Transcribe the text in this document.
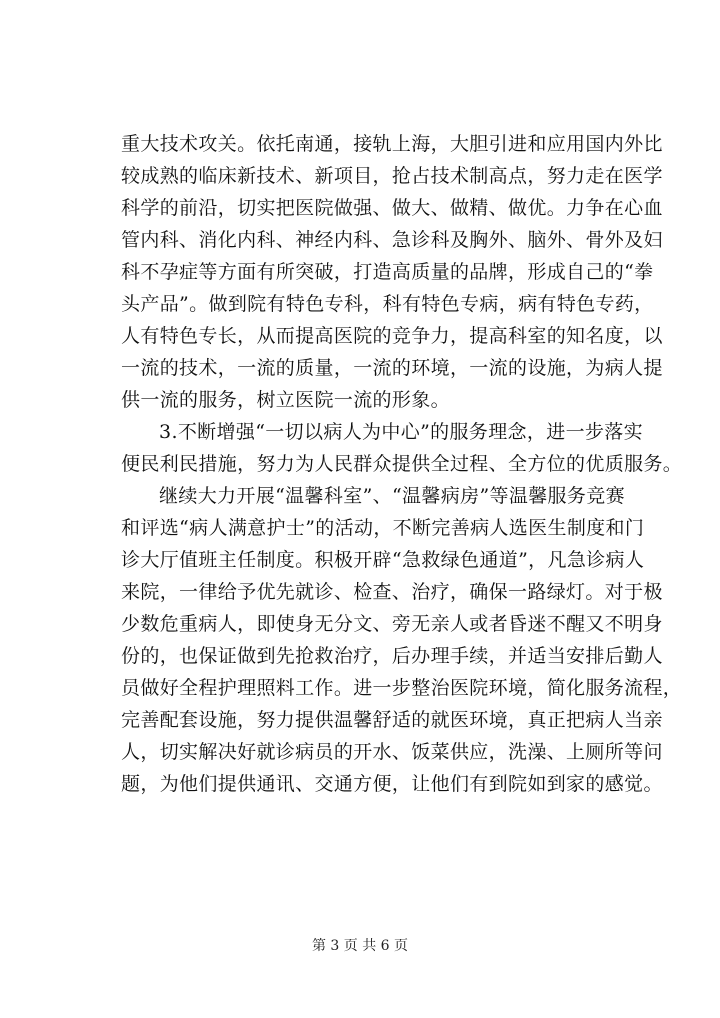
重大技术攻关。依托南通，接轨上海，大胆引进和应用国内外比
较成熟的临床新技术、新项目，抢占技术制高点，努力走在医学
科学的前沿，切实把医院做强、做大、做精、做优。力争在心血
管内科、消化内科、神经内科、急诊科及胸外、脑外、骨外及妇
科不孕症等方面有所突破，打造高质量的品牌，形成自己的“拳
头产品”。做到院有特色专科，科有特色专病，病有特色专药，
人有特色专长，从而提高医院的竞争力，提高科室的知名度，以
一流的技术，一流的质量，一流的环境，一流的设施，为病人提
供一流的服务，树立医院一流的形象。

3.不断增强“一切以病人为中心”的服务理念，进一步落实
便民利民措施，努力为人民群众提供全过程、全方位的优质服务。

继续大力开展“温馨科室”、“温馨病房”等温馨服务竞赛
和评选“病人满意护士”的活动，不断完善病人选医生制度和门
诊大厅值班主任制度。积极开辟“急救绿色通道”，凡急诊病人
来院，一律给予优先就诊、检查、治疗，确保一路绿灯。对于极
少数危重病人，即使身无分文、旁无亲人或者昏迷不醒又不明身
份的，也保证做到先抢救治疗，后办理手续，并适当安排后勤人
员做好全程护理照料工作。进一步整治医院环境，简化服务流程，
完善配套设施，努力提供温馨舒适的就医环境，真正把病人当亲
人，切实解决好就诊病员的开水、饭菜供应，洗澡、上厕所等问
题，为他们提供通讯、交通方便，让他们有到院如到家的感觉。

第 3 页 共 6 页
